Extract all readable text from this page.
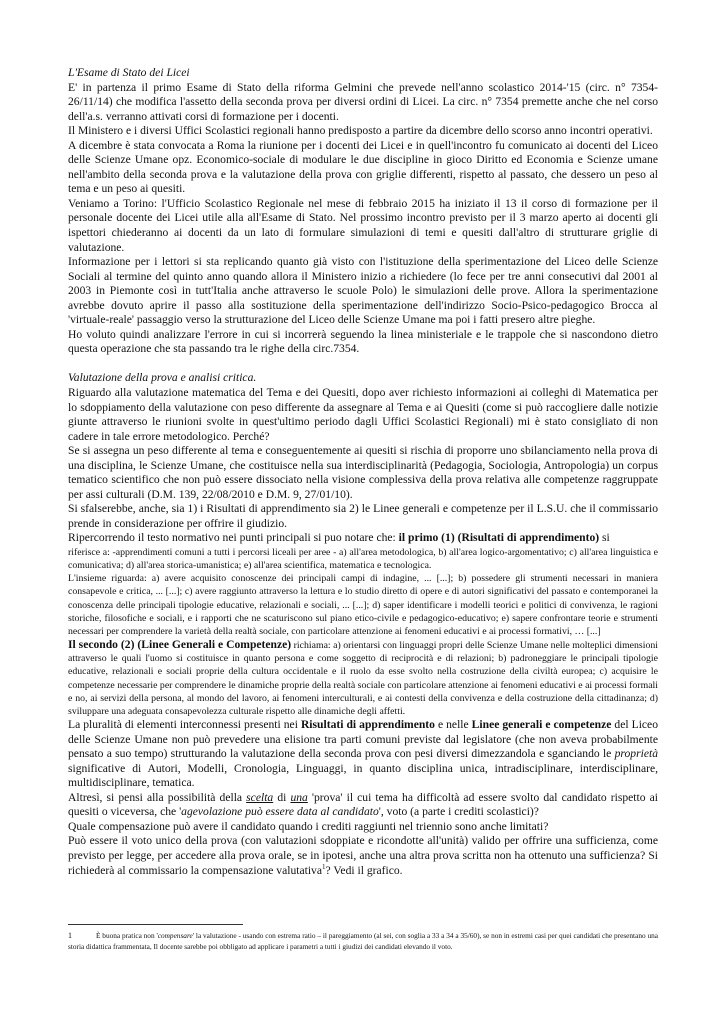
L'Esame di Stato dei Licei

E' in partenza il primo Esame di Stato della riforma Gelmini che prevede nell'anno scolastico 2014-'15 (circ. n° 7354-26/11/14) che modifica l'assetto della seconda prova per diversi ordini di Licei. La circ. n° 7354 premette anche che nel corso dell'a.s. verranno attivati corsi di formazione per i docenti.

Il Ministero e i diversi Uffici Scolastici regionali hanno predisposto a partire da dicembre dello scorso anno incontri operativi.

A dicembre è stata convocata a Roma la riunione per i docenti dei Licei e in quell'incontro fu comunicato ai docenti del Liceo delle Scienze Umane opz. Economico-sociale di modulare le due discipline in gioco Diritto ed Economia e Scienze umane nell'ambito della seconda prova e la valutazione della prova con griglie differenti, rispetto al passato, che dessero un peso al tema e un peso ai quesiti.

Veniamo a Torino: l'Ufficio Scolastico Regionale nel mese di febbraio 2015 ha iniziato il 13 il corso di formazione per il personale docente dei Licei utile alla all'Esame di Stato. Nel prossimo incontro previsto per il 3 marzo aperto ai docenti gli ispettori chiederanno ai docenti da un lato di formulare simulazioni di temi e quesiti dall'altro di strutturare griglie di valutazione.

Informazione per i lettori si sta replicando quanto già visto con l'istituzione della sperimentazione del Liceo delle Scienze Sociali al termine del quinto anno quando allora il Ministero inizio a richiedere (lo fece per tre anni consecutivi dal 2001 al 2003 in Piemonte così in tutt'Italia anche attraverso le scuole Polo) le simulazioni delle prove. Allora la sperimentazione avrebbe dovuto aprire il passo alla sostituzione della sperimentazione dell'indirizzo Socio-Psico-pedagogico Brocca al 'virtuale-reale' passaggio verso la strutturazione del Liceo delle Scienze Umane ma poi i fatti presero altre pieghe.

Ho voluto quindi analizzare l'errore in cui si incorrerà seguendo la linea ministeriale e le trappole che si nascondono dietro questa operazione che sta passando tra le righe della circ.7354.

Valutazione della prova e analisi critica.

Riguardo alla valutazione matematica del Tema e dei Quesiti, dopo aver richiesto informazioni ai colleghi di Matematica per lo sdoppiamento della valutazione con peso differente da assegnare al Tema e ai Quesiti (come si può raccogliere dalle notizie giunte attraverso le riunioni svolte in quest'ultimo periodo dagli Uffici Scolastici Regionali) mi è stato consigliato di non cadere in tale errore metodologico. Perché?

Se si assegna un peso differente al tema e conseguentemente ai quesiti si rischia di proporre uno sbilanciamento nella prova di una disciplina, le Scienze Umane, che costituisce nella sua interdisciplinarità (Pedagogia, Sociologia, Antropologia) un corpus tematico scientifico che non può essere dissociato nella visione complessiva della prova relativa alle competenze raggruppate per assi culturali (D.M. 139, 22/08/2010 e D.M. 9, 27/01/10).

Si sfalserebbe, anche, sia 1) i Risultati di apprendimento sia 2) le Linee generali e competenze per il L.S.U. che il commissario prende in considerazione per offrire il giudizio.

Ripercorrendo il testo normativo nei punti principali si puo notare che: il primo (1) (Risultati di apprendimento) si

riferisce a: -apprendimenti comuni a tutti i percorsi liceali per aree - a) all'area metodologica, b) all'area logico-argomentativo; c) all'area linguistica e comunicativa; d) all'area storica-umanistica; e) all'area scientifica, matematica e tecnologica.

L'insieme riguarda: a) avere acquisito conoscenze dei principali campi di indagine, ... [...]; b) possedere gli strumenti necessari in maniera consapevole e critica, ... [...]; c) avere raggiunto attraverso la lettura e lo studio diretto di opere e di autori significativi del passato e contemporanei la conoscenza delle principali tipologie educative, relazionali e sociali, ... [...]; d) saper identificare i modelli teorici e politici di convivenza, le ragioni storiche, filosofiche e sociali, e i rapporti che ne scaturiscono sul piano etico-civile e pedagogico-educativo; e) sapere confrontare teorie e strumenti necessari per comprendere la varietà della realtà sociale, con particolare attenzione ai fenomeni educativi e ai processi formativi, … [...]

Il secondo (2) (Linee Generali e Competenze) richiama: a) orientarsi con linguaggi propri delle Scienze Umane nelle molteplici dimensioni attraverso le quali l'uomo si costituisce in quanto persona e come soggetto di reciprocità e di relazioni; b) padroneggiare le principali tipologie educative, relazionali e sociali proprie della cultura occidentale e il ruolo da esse svolto nella costruzione della civiltà europea; c) acquisire le competenze necessarie per comprendere le dinamiche proprie della realtà sociale con particolare attenzione ai fenomeni educativi e ai processi formali e no, ai servizi della persona, al mondo del lavoro, ai fenomeni interculturali, e ai contesti della convivenza e della costruzione della cittadinanza; d) sviluppare una adeguata consapevolezza culturale rispetto alle dinamiche degli affetti.

La pluralità di elementi interconnessi presenti nei Risultati di apprendimento e nelle Linee generali e competenze del Liceo delle Scienze Umane non può prevedere una elisione tra parti comuni previste dal legislatore (che non aveva probabilmente pensato a suo tempo) strutturando la valutazione della seconda prova con pesi diversi dimezzandola e sganciando le proprietà significative di Autori, Modelli, Cronologia, Linguaggi, in quanto disciplina unica, intradisciplinare, interdisciplinare, multidisciplinare, tematica.

Altresì, si pensi alla possibilità della scelta di una 'prova' il cui tema ha difficoltà ad essere svolto dal candidato rispetto ai quesiti o viceversa, che 'agevolazione può essere data al candidato', voto (a parte i crediti scolastici)?

Quale compensazione può avere il candidato quando i crediti raggiunti nel triennio sono anche limitati?

Può essere il voto unico della prova (con valutazioni sdoppiate e ricondotte all'unità) valido per offrire una sufficienza, come previsto per legge, per accedere alla prova orale, se in ipotesi, anche una altra prova scritta non ha ottenuto una sufficienza? Si richiederà al commissario la compensazione valutativa$^1$? Vedi il grafico.

1	È buona pratica non 'compensare' la valutazione - usando con estrema ratio – il pareggiamento (al sei, con soglia a 33 a 34 a 35/60), se non in estremi casi per quei candidati che presentano una storia didattica frammentata, Il docente sarebbe poi obbligato ad applicare i parametri a tutti i giudizi dei candidati elevando il voto.
